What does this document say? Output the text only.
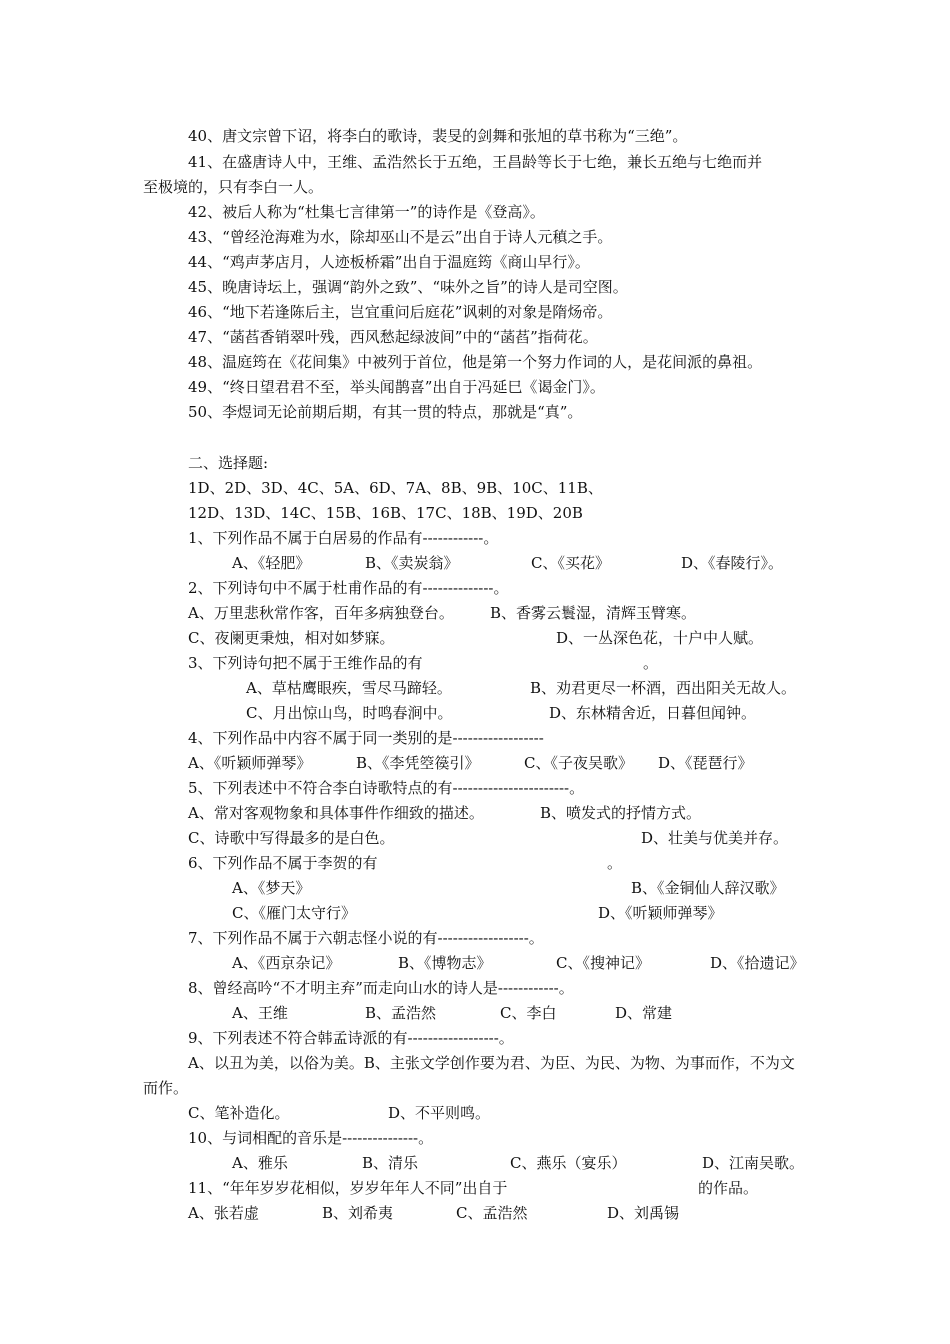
40、唐文宗曾下诏，将李白的歌诗，裴旻的剑舞和张旭的草书称为“三绝”。
41、在盛唐诗人中，王维、孟浩然长于五绝，王昌龄等长于七绝，兼长五绝与七绝而并
至极境的，只有李白一人。
42、被后人称为“杜集七言律第一”的诗作是《登高》。
43、“曾经沧海难为水，除却巫山不是云”出自于诗人元稹之手。
44、“鸡声茅店月，人迹板桥霜”出自于温庭筠《商山早行》。
45、晚唐诗坛上，强调“韵外之致”、“味外之旨”的诗人是司空图。
46、“地下若逢陈后主，岂宜重问后庭花”讽刺的对象是隋炀帝。
47、“菡萏香销翠叶残，西风愁起绿波间”中的“菡萏”指荷花。
48、温庭筠在《花间集》中被列于首位，他是第一个努力作词的人，是花间派的鼻祖。
49、“终日望君君不至，举头闻鹊喜”出自于冯延巳《谒金门》。
50、李煜词无论前期后期，有其一贯的特点，那就是“真”。
二、选择题:
1D、2D、3D、4C、5A、6D、7A、8B、9B、10C、11B、
12D、13D、14C、15B、16B、17C、18B、19D、20B
1、下列作品不属于白居易的作品有------------。
A、《轻肥》	B、《卖炭翁》	C、《买花》	D、《春陵行》。
2、下列诗句中不属于杜甫作品的有--------------。
A、万里悲秋常作客，百年多病独登台。 B、香雾云鬟湿，清辉玉臂寒。
C、夜阑更秉烛，相对如梦寐。	D、一丛深色花，十户中人赋。
3、下列诗句把不属于王维作品的有	。
A、草枯鹰眼疾，雪尽马蹄轻。	B、劝君更尽一杯酒，西出阳关无故人。
C、月出惊山鸟，时鸣春涧中。	D、东林精舍近，日暮但闻钟。
4、下列作品中内容不属于同一类别的是------------------
A、《听颖师弹琴》	B、《李凭箜篌引》	C、《子夜吴歌》 D、《琵琶行》
5、下列表述中不符合李白诗歌特点的有-----------------------。
A、常对客观物象和具体事件作细致的描述。	B、喷发式的抒情方式。
C、诗歌中写得最多的是白色。	D、壮美与优美并存。
6、下列作品不属于李贺的有	。
A、《梦天》	B、《金铜仙人辞汉歌》
C、《雁门太守行》	D、《听颖师弹琴》
7、下列作品不属于六朝志怪小说的有------------------。
A、《西京杂记》	B、《博物志》	C、《搜神记》	D、《拾遗记》
8、曾经高吟“不才明主弃”而走向山水的诗人是------------。
A、王维	B、孟浩然	C、李白	D、常建
9、下列表述不符合韩孟诗派的有------------------。
A、以丑为美，以俗为美。B、主张文学创作要为君、为臣、为民、为物、为事而作，不为文
而作。
C、笔补造化。	D、不平则鸣。
10、与词相配的音乐是---------------。
A、雅乐	B、清乐	C、燕乐（宴乐）	D、江南吴歌。
11、“年年岁岁花相似，岁岁年年人不同”出自于	的作品。
A、张若虚	B、刘希夷	C、孟浩然	D、刘禹锡
